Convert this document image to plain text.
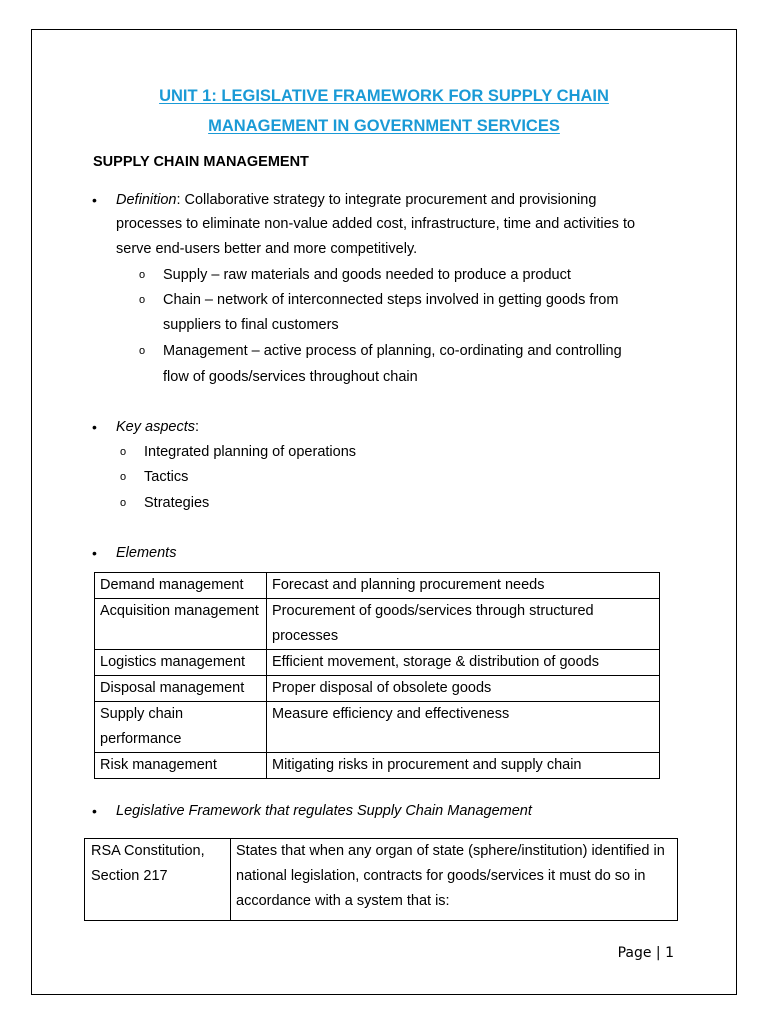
UNIT 1: LEGISLATIVE FRAMEWORK FOR SUPPLY CHAIN
MANAGEMENT IN GOVERNMENT SERVICES
SUPPLY CHAIN MANAGEMENT
• Definition: Collaborative strategy to integrate procurement and provisioning
processes to eliminate non-value added cost, infrastructure, time and activities to
serve end-users better and more competitively.
o Supply – raw materials and goods needed to produce a product
o Chain – network of interconnected steps involved in getting goods from
suppliers to final customers
o Management – active process of planning, co-ordinating and controlling
flow of goods/services throughout chain
• Key aspects:
o Integrated planning of operations
o Tactics
o Strategies
• Elements
Demand management	Forecast and planning procurement needs
Acquisition management	Procurement of goods/services through structured processes
Logistics management	Efficient movement, storage & distribution of goods
Disposal management	Proper disposal of obsolete goods
Supply chain performance	Measure efficiency and effectiveness
Risk management	Mitigating risks in procurement and supply chain
• Legislative Framework that regulates Supply Chain Management
RSA Constitution, Section 217	States that when any organ of state (sphere/institution) identified in national legislation, contracts for goods/services it must do so in accordance with a system that is:
Page | 1
